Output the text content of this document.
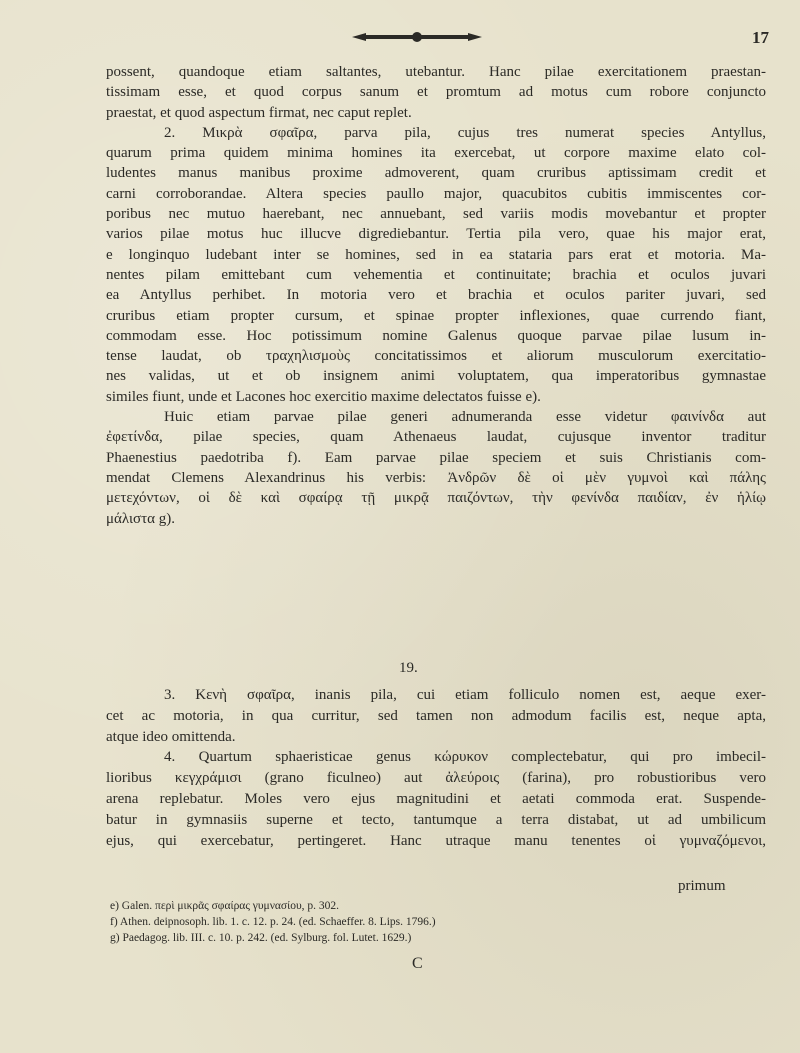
17
possent, quandoque etiam saltantes, utebantur. Hanc pilae exercitationem praestan-
tissimam esse, et quod corpus sanum et promtum ad motus cum robore conjuncto
praestat, et quod aspectum firmat, nec caput replet.
2. Μικρὰ σφαῖρα, parva pila, cujus tres numerat species Antyllus,
quarum prima quidem minima homines ita exercebat, ut corpore maxime elato col-
ludentes manus manibus proxime admoverent, quam cruribus aptissimam credit et
carni corroborandae. Altera species paullo major, quacubitos cubitis immiscentes cor-
poribus nec mutuo haerebant, nec annuebant, sed variis modis movebantur et propter
varios pilae motus huc illucve digrediebantur. Tertia pila vero, quae his major erat,
e longinquo ludebant inter se homines, sed in ea stataria pars erat et motoria. Ma-
nentes pilam emittebant cum vehementia et continuitate; brachia et oculos juvari
ea Antyllus perhibet. In motoria vero et brachia et oculos pariter juvari, sed
cruribus etiam propter cursum, et spinae propter inflexiones, quae currendo fiant,
commodam esse. Hoc potissimum nomine Galenus quoque parvae pilae lusum in-
tense laudat, ob τραχηλισμοὺς concitatissimos et aliorum musculorum exercitatio-
nes validas, ut et ob insignem animi voluptatem, qua imperatoribus gymnastae
similes fiunt, unde et Lacones hoc exercitio maxime delectatos fuisse e).
Huic etiam parvae pilae generi adnumeranda esse videtur φαινίνδα aut
ἐφετίνδα, pilae species, quam Athenaeus laudat, cujusque inventor traditur
Phaenestius paedotriba f). Eam parvae pilae speciem et suis Christianis com-
mendat Clemens Alexandrinus his verbis: Ἀνδρῶν δὲ οἱ μὲν γυμνοὶ καὶ πάλης
μετεχόντων, οἱ δὲ καὶ σφαίρᾳ τῇ μικρᾷ παιζόντων, τὴν φενίνδα παιδίαν, ἐν ἡλίῳ
μάλιστα g).
19.
3. Κενὴ σφαῖρα, inanis pila, cui etiam folliculo nomen est, aeque exer-
cet ac motoria, in qua curritur, sed tamen non admodum facilis est, neque apta,
atque ideo omittenda.
4. Quartum sphaeristicae genus κώρυκον complectebatur, qui pro imbecil-
lioribus κεγχράμισι (grano ficulneo) aut ἀλεύροις (farina), pro robustioribus vero
arena replebatur. Moles vero ejus magnitudini et aetati commoda erat. Suspende-
batur in gymnasiis superne et tecto, tantumque a terra distabat, ut ad umbilicum
ejus, qui exercebatur, pertingeret. Hanc utraque manu tenentes οἱ γυμναζόμενοι,
primum
e) Galen. περὶ μικρᾶς σφαίρας γυμνασίου, p. 302.
f) Athen. deipnosoph. lib. 1. c. 12. p. 24. (ed. Schaeffer. 8. Lips. 1796.)
g) Paedagog. lib. III. c. 10. p. 242. (ed. Sylburg. fol. Lutet. 1629.)
C
